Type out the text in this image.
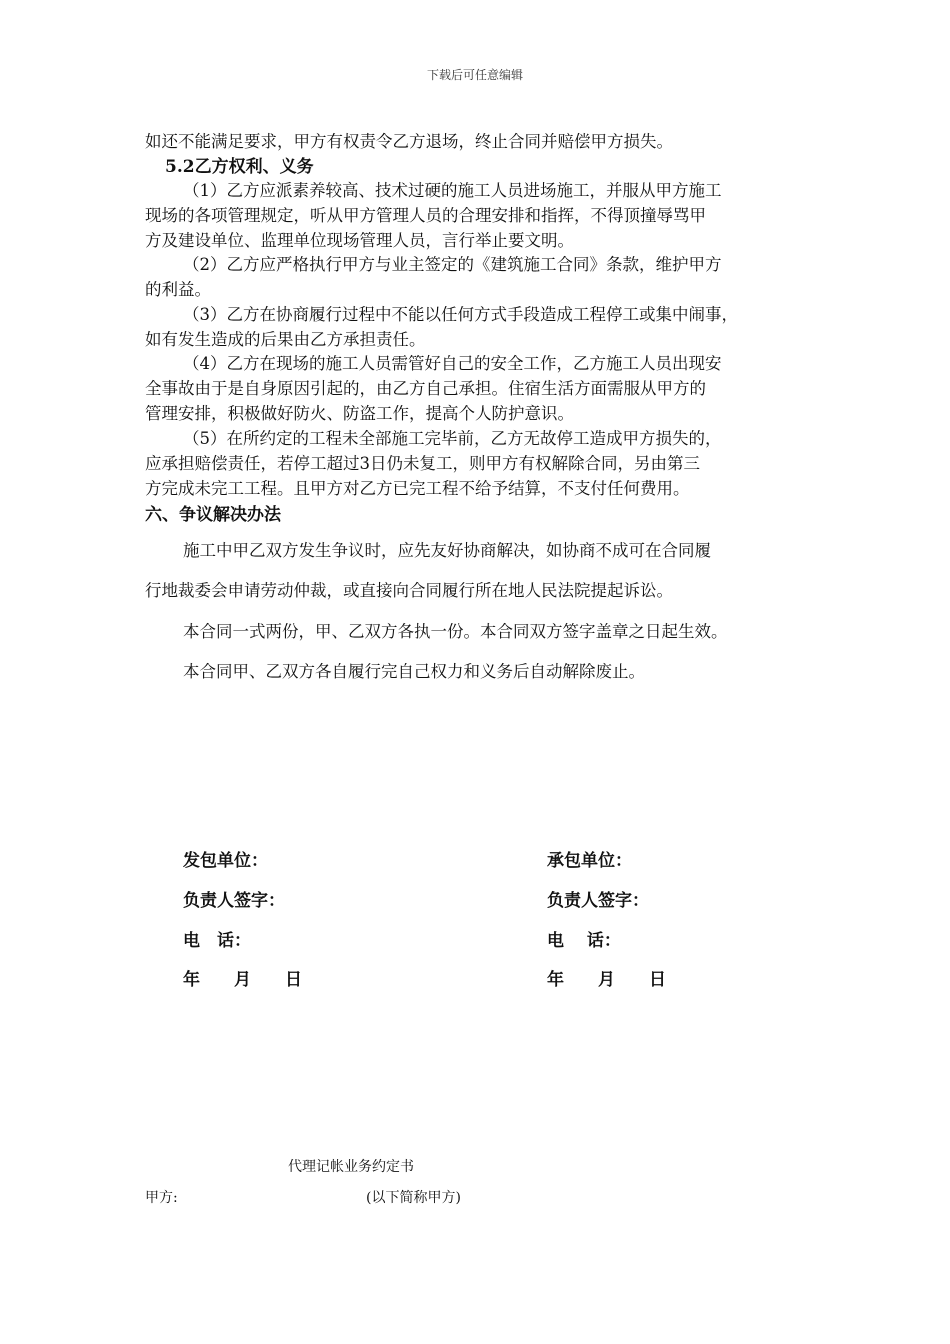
下载后可任意编辑
如还不能满足要求，甲方有权责令乙方退场，终止合同并赔偿甲方损失。
5.2乙方权利、义务
（1）乙方应派素养较高、技术过硬的施工人员进场施工，并服从甲方施工
现场的各项管理规定，听从甲方管理人员的合理安排和指挥，不得顶撞辱骂甲
方及建设单位、监理单位现场管理人员，言行举止要文明。
（2）乙方应严格执行甲方与业主签定的《建筑施工合同》条款，维护甲方
的利益。
（3）乙方在协商履行过程中不能以任何方式手段造成工程停工或集中闹事，
如有发生造成的后果由乙方承担责任。
（4）乙方在现场的施工人员需管好自己的安全工作，乙方施工人员出现安
全事故由于是自身原因引起的，由乙方自己承担。住宿生活方面需服从甲方的
管理安排，积极做好防火、防盗工作，提高个人防护意识。
（5）在所约定的工程未全部施工完毕前，乙方无故停工造成甲方损失的，
应承担赔偿责任，若停工超过3日仍未复工，则甲方有权解除合同，另由第三
方完成未完工工程。且甲方对乙方已完工程不给予结算，不支付任何费用。
六、争议解决办法
施工中甲乙双方发生争议时，应先友好协商解决，如协商不成可在合同履
行地裁委会申请劳动仲裁，或直接向合同履行所在地人民法院提起诉讼。
本合同一式两份，甲、乙双方各执一份。本合同双方签字盖章之日起生效。
本合同甲、乙双方各自履行完自己权力和义务后自动解除废止。
发包单位：
负责人签字：
电　话：
年　　月　　日
承包单位：
负责人签字：
电　 话：
年　　月　　日
代理记帐业务约定书
甲方:	(以下简称甲方)
